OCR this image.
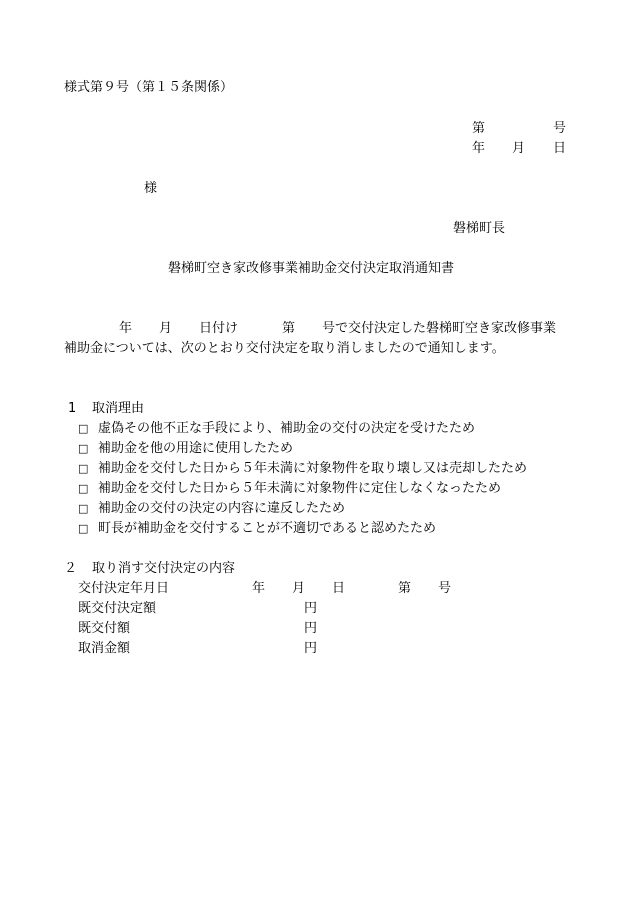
様式第９号（第１５条関係）
第	号
年 月 日
様
磐梯町長
磐梯町空き家改修事業補助金交付決定取消通知書
年 月 日付け	第 号で交付決定した磐梯町空き家改修事業
補助金については、次のとおり交付決定を取り消しましたので通知します。
1 取消理由
□ 虚偽その他不正な手段により、補助金の交付の決定を受けたため
□ 補助金を他の用途に使用したため
□ 補助金を交付した日から５年未満に対象物件を取り壊し又は売却したため
□ 補助金を交付した日から５年未満に対象物件に定住しなくなったため
□ 補助金の交付の決定の内容に違反したため
□ 町長が補助金を交付することが不適切であると認めたため
２ 取り消す交付決定の内容
交付決定年月日	年 月 日	第 号
既交付決定額	円
既交付額	円
取消金額	円
